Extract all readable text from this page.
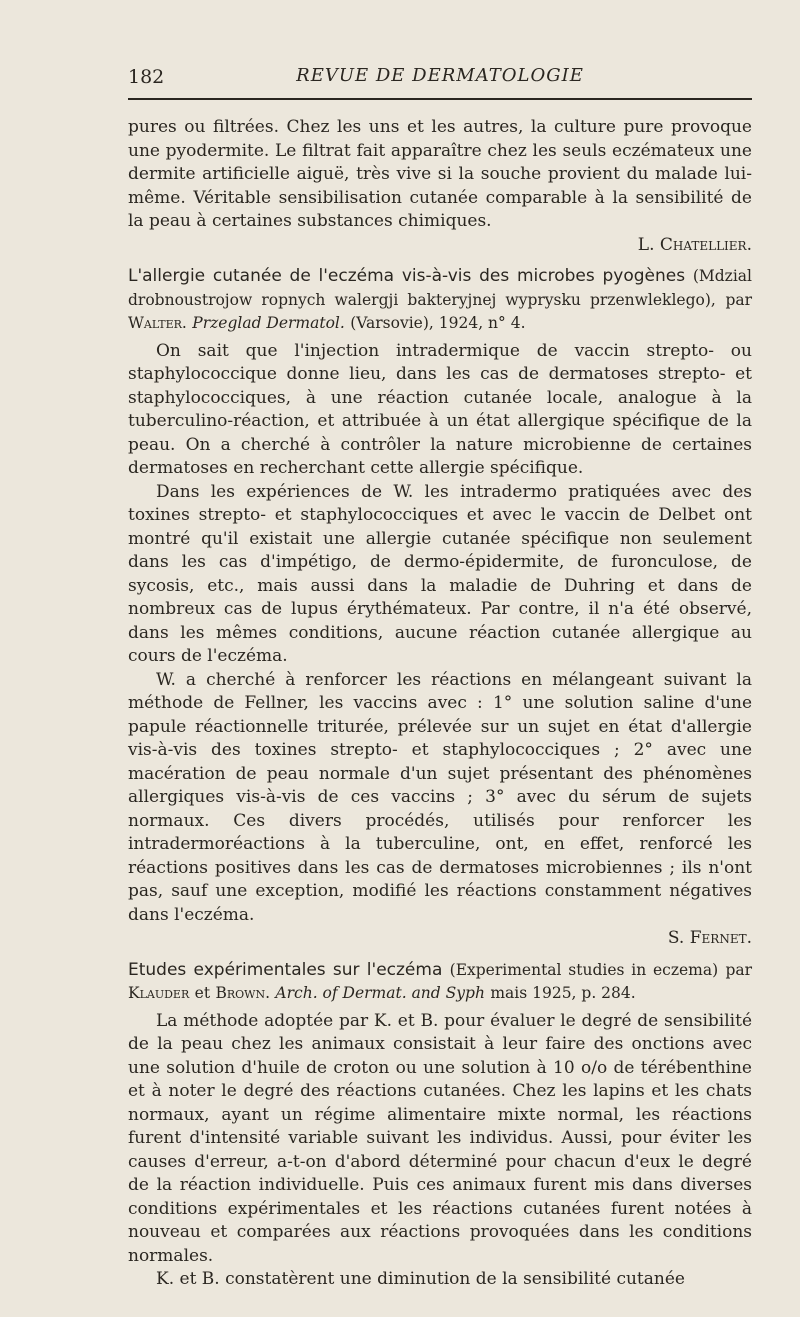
182	REVUE DE DERMATOLOGIE

pures ou filtrées. Chez les uns et les autres, la culture pure provoque une pyodermite. Le filtrat fait apparaître chez les seuls eczémateux une dermite artificielle aiguë, très vive si la souche provient du malade lui-même. Véritable sensibilisation cutanée comparable à la sensibilité de la peau à certaines substances chimiques.

L. Chatellier.

L'allergie cutanée de l'eczéma vis-à-vis des microbes pyogènes (Mdzial drobnoustrojow ropnych walergji bakteryjnej wyprysku przenwleklego), par Walter. Przeglad Dermatol. (Varsovie), 1924, n° 4.

On sait que l'injection intradermique de vaccin strepto- ou staphylococcique donne lieu, dans les cas de dermatoses strepto- et staphylococciques, à une réaction cutanée locale, analogue à la tuberculino-réaction, et attribuée à un état allergique spécifique de la peau. On a cherché à contrôler la nature microbienne de certaines dermatoses en recherchant cette allergie spécifique.

Dans les expériences de W. les intradermo pratiquées avec des toxines strepto- et staphylococciques et avec le vaccin de Delbet ont montré qu'il existait une allergie cutanée spécifique non seulement dans les cas d'impétigo, de dermo-épidermite, de furonculose, de sycosis, etc., mais aussi dans la maladie de Duhring et dans de nombreux cas de lupus érythémateux. Par contre, il n'a été observé, dans les mêmes conditions, aucune réaction cutanée allergique au cours de l'eczéma.

W. a cherché à renforcer les réactions en mélangeant suivant la méthode de Fellner, les vaccins avec : 1° une solution saline d'une papule réactionnelle triturée, prélevée sur un sujet en état d'allergie vis-à-vis des toxines strepto- et staphylococciques ; 2° avec une macération de peau normale d'un sujet présentant des phénomènes allergiques vis-à-vis de ces vaccins ; 3° avec du sérum de sujets normaux. Ces divers procédés, utilisés pour renforcer les intradermoréactions à la tuberculine, ont, en effet, renforcé les réactions positives dans les cas de dermatoses microbiennes ; ils n'ont pas, sauf une exception, modifié les réactions constamment négatives dans l'eczéma.

S. Fernet.

Etudes expérimentales sur l'eczéma (Experimental studies in eczema) par Klauder et Brown. Arch. of Dermat. and Syph mais 1925, p. 284.

La méthode adoptée par K. et B. pour évaluer le degré de sensibilité de la peau chez les animaux consistait à leur faire des onctions avec une solution d'huile de croton ou une solution à 10 o/o de térébenthine et à noter le degré des réactions cutanées. Chez les lapins et les chats normaux, ayant un régime alimentaire mixte normal, les réactions furent d'intensité variable suivant les individus. Aussi, pour éviter les causes d'erreur, a-t-on d'abord déterminé pour chacun d'eux le degré de la réaction individuelle. Puis ces animaux furent mis dans diverses conditions expérimentales et les réactions cutanées furent notées à nouveau et comparées aux réactions provoquées dans les conditions normales.

K. et B. constatèrent une diminution de la sensibilité cutanée
